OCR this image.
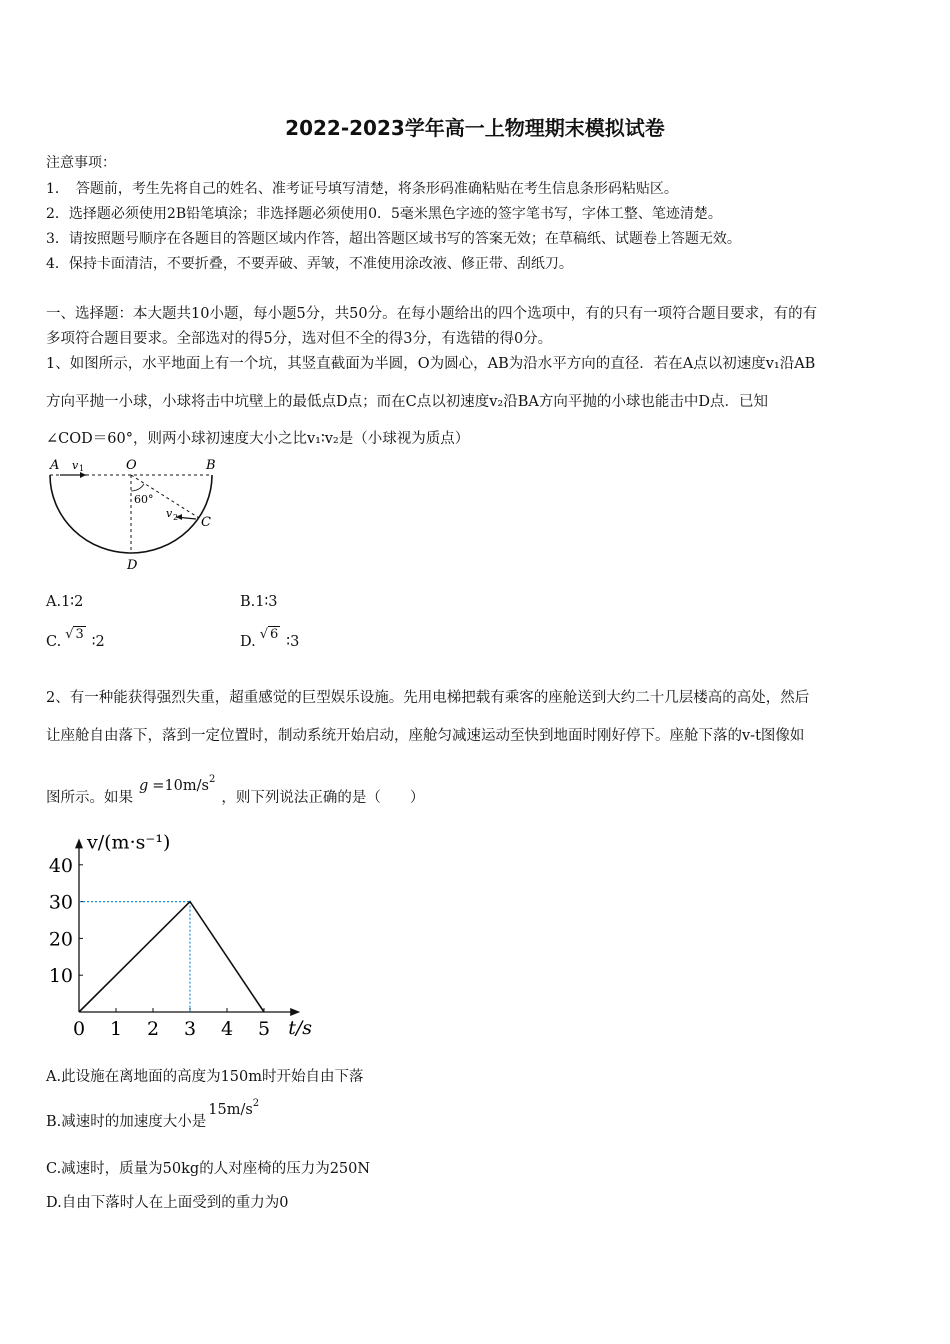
2022-2023学年高一上物理期末模拟试卷
注意事项：
1．　答题前，考生先将自己的姓名、准考证号填写清楚，将条形码准确粘贴在考生信息条形码粘贴区。
2．选择题必须使用2B铅笔填涂；非选择题必须使用0．5毫米黑色字迹的签字笔书写，字体工整、笔迹清楚。
3．请按照题号顺序在各题目的答题区域内作答，超出答题区域书写的答案无效；在草稿纸、试题卷上答题无效。
4．保持卡面清洁，不要折叠，不要弄破、弄皱，不准使用涂改液、修正带、刮纸刀。
一、选择题：本大题共10小题，每小题5分，共50分。在每小题给出的四个选项中，有的只有一项符合题目要求，有的有
多项符合题目要求。全部选对的得5分，选对但不全的得3分，有选错的得0分。
1、如图所示，水平地面上有一个坑，其竖直截面为半圆，O为圆心，AB为沿水平方向的直径．若在A点以初速度v₁沿AB
方向平抛一小球，小球将击中坑壁上的最低点D点；而在C点以初速度v₂沿BA方向平抛的小球也能击中D点．已知
∠COD＝60°，则两小球初速度大小之比v₁∶v₂是（小球视为质点）
A v 1	O	B
60°
v 2 C
D
A.1∶2	B.1∶3
C. √ 3 ∶2	D. √ 6 ∶3
2、有一种能获得强烈失重，超重感觉的巨型娱乐设施。先用电梯把载有乘客的座舱送到大约二十几层楼高的高处，然后
让座舱自由落下，落到一定位置时，制动系统开始启动，座舱匀减速运动至快到地面时刚好停下。座舱下落的v-t图像如
图所示。如果$g =10m/s^2$，则下列说法正确的是（　　）
v/(m·s⁻¹)
t/s
0 1 2 3 4 5
10
20
30
40
A.此设施在离地面的高度为150m时开始自由下落
B.减速时的加速度大小是$15m/s^2$
C.减速时，质量为50kg的人对座椅的压力为250N
D.自由下落时人在上面受到的重力为0
